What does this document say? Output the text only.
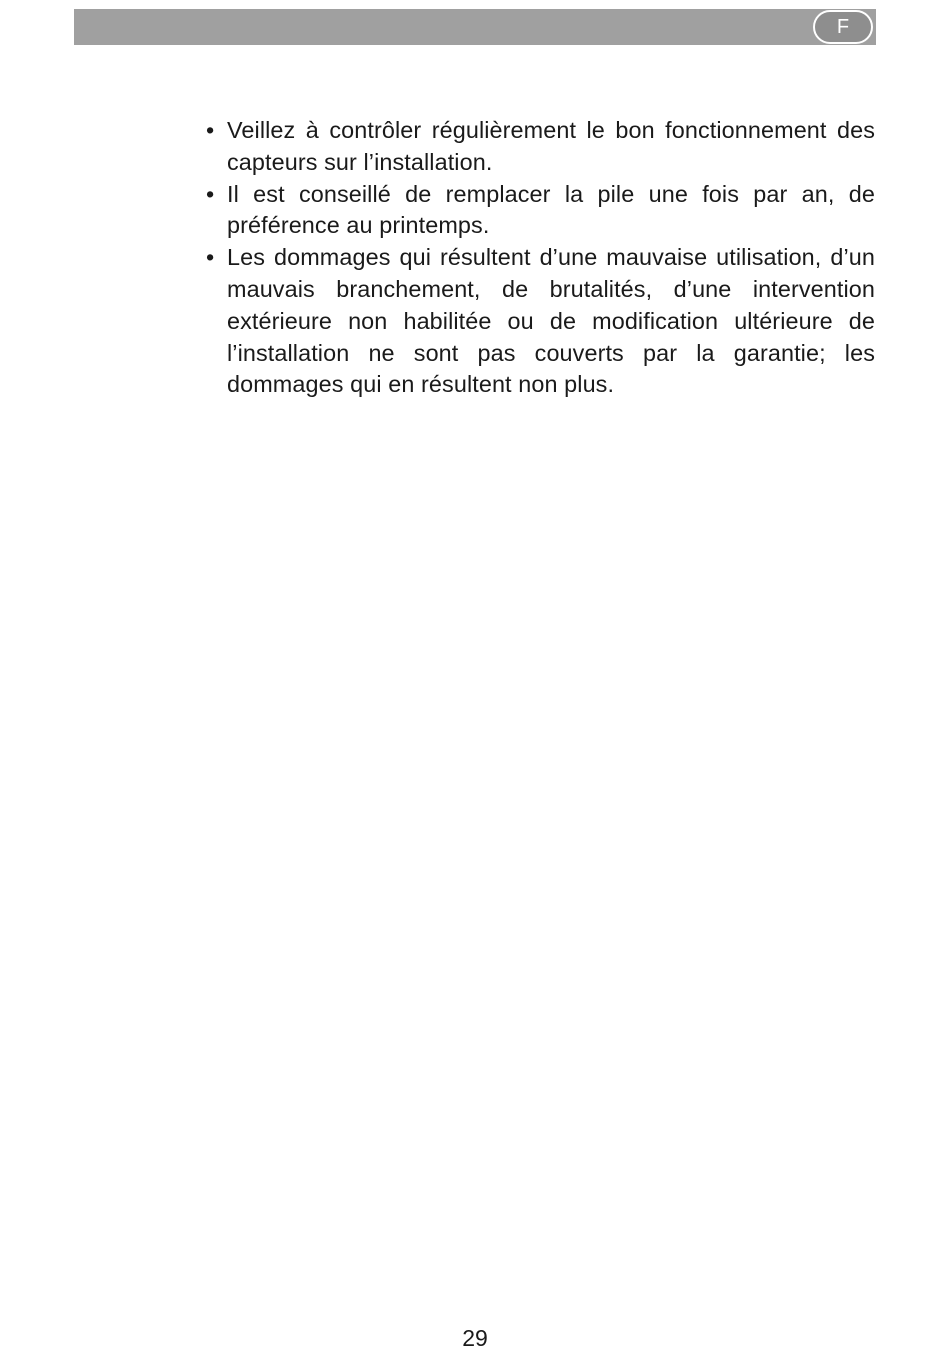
F
• Veillez à contrôler régulièrement le bon fonctionnement des capteurs sur l’installation.
• Il est conseillé de remplacer la pile une fois par an, de préférence au printemps.
• Les dommages qui résultent d’une mauvaise utilisation, d’un mauvais branchement, de brutalités, d’une intervention extérieure non habilitée ou de modification ultérieure de l’installation ne sont pas couverts par la garantie; les dommages qui en résultent non plus.
29
